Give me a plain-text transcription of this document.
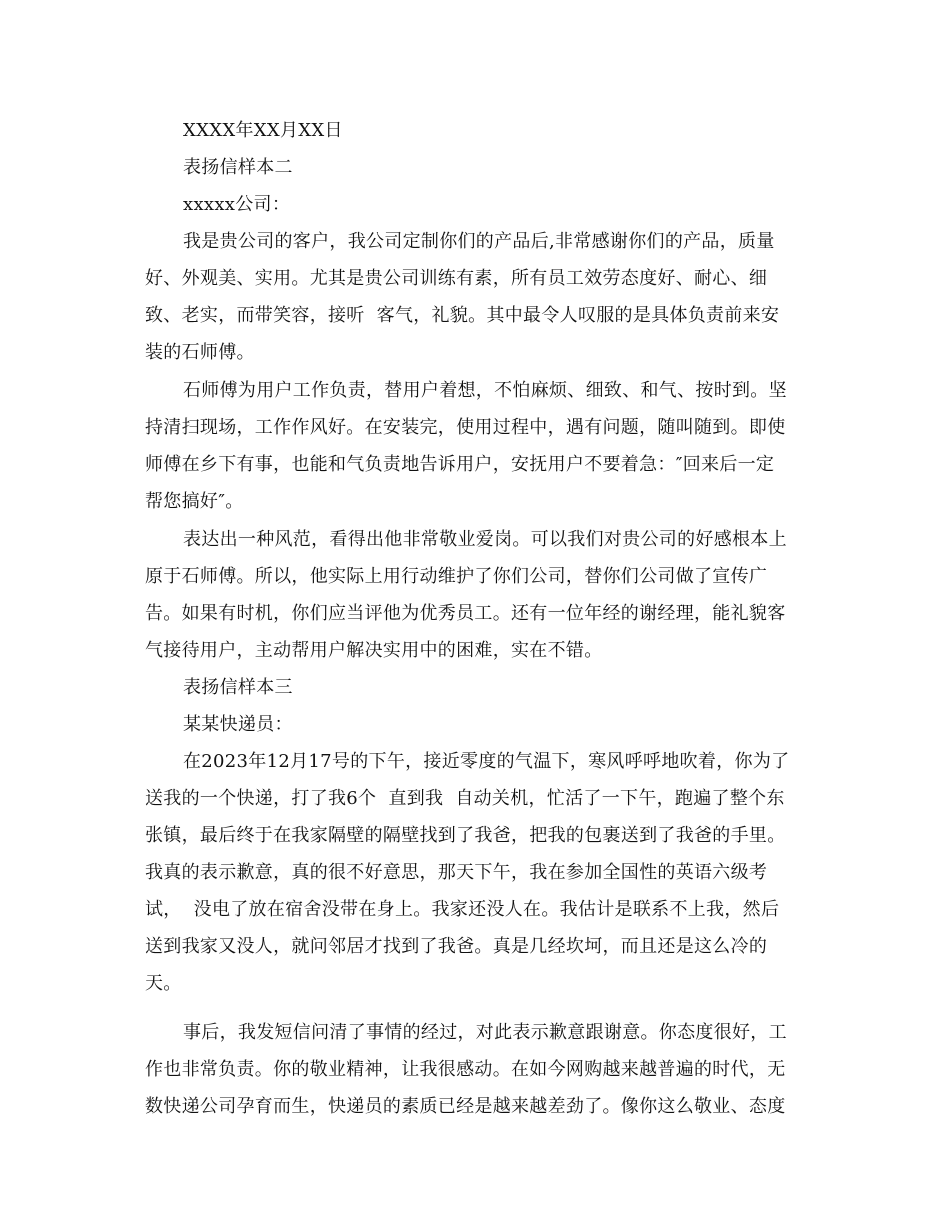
XXXX年XX月XX日
表扬信样本二
xxxxx公司：
我是贵公司的客户，我公司定制你们的产品后,非常感谢你们的产品，质量
好、外观美、实用。尤其是贵公司训练有素，所有员工效劳态度好、耐心、细
致、老实，而带笑容，接听  客气，礼貌。其中最令人叹服的是具体负责前来安
装的石师傅。
石师傅为用户工作负责，替用户着想，不怕麻烦、细致、和气、按时到。坚
持清扫现场，工作作风好。在安装完，使用过程中，遇有问题，随叫随到。即使
师傅在乡下有事，也能和气负责地告诉用户，安抚用户不要着急：″回来后一定
帮您搞好″。
表达出一种风范，看得出他非常敬业爱岗。可以我们对贵公司的好感根本上
原于石师傅。所以，他实际上用行动维护了你们公司，替你们公司做了宣传广
告。如果有时机，你们应当评他为优秀员工。还有一位年经的谢经理，能礼貌客
气接待用户，主动帮用户解决实用中的困难，实在不错。
表扬信样本三
某某快递员：
在2023年12月17号的下午，接近零度的气温下，寒风呼呼地吹着，你为了
送我的一个快递，打了我6个  直到我  自动关机，忙活了一下午，跑遍了整个东
张镇，最后终于在我家隔壁的隔壁找到了我爸，把我的包裹送到了我爸的手里。
我真的表示歉意，真的很不好意思，那天下午，我在参加全国性的英语六级考
试，  没电了放在宿舍没带在身上。我家还没人在。我估计是联系不上我，然后
送到我家又没人，就问邻居才找到了我爸。真是几经坎坷，而且还是这么冷的
天。
事后，我发短信问清了事情的经过，对此表示歉意跟谢意。你态度很好，工
作也非常负责。你的敬业精神，让我很感动。在如今网购越来越普遍的时代，无
数快递公司孕育而生，快递员的素质已经是越来越差劲了。像你这么敬业、态度
